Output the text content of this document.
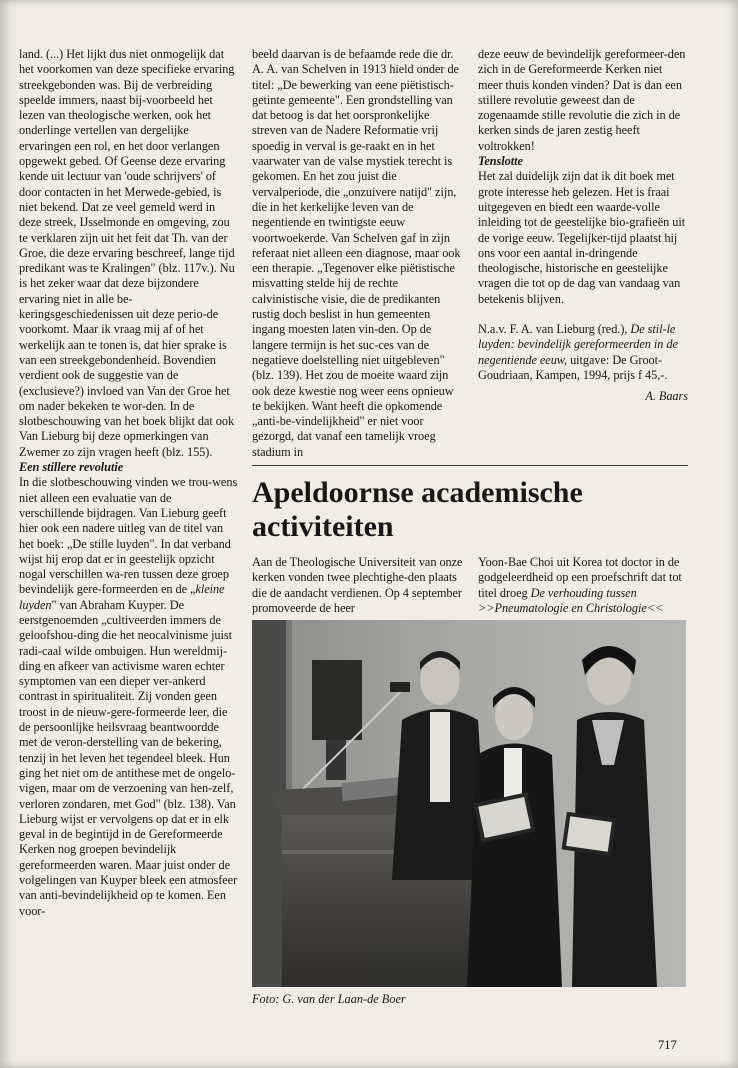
land. (...) Het lijkt dus niet onmogelijk dat het voorkomen van deze specifieke ervaring streekgebonden was. Bij de verbreiding speelde immers, naast bij-voorbeeld het lezen van theologische werken, ook het onderlinge vertellen van dergelijke ervaringen een rol, en het door verlangen opgewekt gebed. Of Geense deze ervaring kende uit lectuur van 'oude schrijvers' of door contacten in het Merwede-gebied, is niet bekend. Dat ze veel gemeld werd in deze streek, IJsselmonde en omgeving, zou te verklaren zijn uit het feit dat Th. van der Groe, die deze ervaring beschreef, lange tijd predikant was te Kralingen" (blz. 117v.). Nu is het zeker waar dat deze bijzondere ervaring niet in alle be-keringsgeschiedenissen uit deze perio-de voorkomt. Maar ik vraag mij af of het werkelijk aan te tonen is, dat hier sprake is van een streekgebondenheid. Bovendien verdient ook de suggestie van de (exclusieve?) invloed van Van der Groe het om nader bekeken te wor-den. In de slotbeschouwing van het boek blijkt dat ook Van Lieburg bij deze opmerkingen van Zwemer zo zijn vragen heeft (blz. 155).

Een stillere revolutie

In die slotbeschouwing vinden we trou-wens niet alleen een evaluatie van de verschillende bijdragen. Van Lieburg geeft hier ook een nadere uitleg van de titel van het boek: „De stille luyden". In dat verband wijst hij erop dat er in geestelijk opzicht nogal verschillen wa-ren tussen deze groep bevindelijk gere-formeerden en de „kleine luyden" van Abraham Kuyper. De eerstgenoemden „cultiveerden immers de geloofshou-ding die het neocalvinisme juist radi-caal wilde ombuigen. Hun wereldmij-ding en afkeer van activisme waren echter symptomen van een dieper ver-ankerd contrast in spiritualiteit. Zij vonden geen troost in de nieuw-gere-formeerde leer, die de persoonlijke heilsvraag beantwoordde met de veron-derstelling van de bekering, tenzij in het leven het tegendeel bleek. Hun ging het niet om de antithese met de ongelo-vigen, maar om de verzoening van hen-zelf, verloren zondaren, met God" (blz. 138). Van Lieburg wijst er vervolgens op dat er in elk geval in de begintijd in de Gereformeerde Kerken nog groepen bevindelijk gereformeerden waren. Maar juist onder de volgelingen van Kuyper bleek een atmosfeer van anti-bevindelijkheid op te komen. Een voor-

beeld daarvan is de befaamde rede die dr. A. A. van Schelven in 1913 hield onder de titel: „De bewerking van eene piëtistisch-getinte gemeente". Een grondstelling van dat betoog is dat het oorspronkelijke streven van de Nadere Reformatie vrij spoedig in verval is ge-raakt en in het vaarwater van de valse mystiek terecht is gekomen. En het zou juist die vervalperiode, die „onzuivere natijd" zijn, die in het kerkelijke leven van de negentiende en twintigste eeuw voortwoekerde. Van Schelven gaf in zijn referaat niet alleen een diagnose, maar ook een therapie. „Tegenover elke piëtistische misvatting stelde hij de rechte calvinistische visie, die de predikanten rustig doch beslist in hun gemeenten ingang moesten laten vin-den. Op de langere termijn is het suc-ces van de negatieve doelstelling niet uitgebleven" (blz. 139). Het zou de moeite waard zijn ook deze kwestie nog weer eens opnieuw te bekijken. Want heeft die opkomende „anti-be-vindelijkheid" er niet voor gezorgd, dat vanaf een tamelijk vroeg stadium in

deze eeuw de bevindelijk gereformeer-den zich in de Gereformeerde Kerken niet meer thuis konden vinden? Dat is dan een stillere revolutie geweest dan de zogenaamde stille revolutie die zich in de kerken sinds de jaren zestig heeft voltrokken!

Tenslotte

Het zal duidelijk zijn dat ik dit boek met grote interesse heb gelezen. Het is fraai uitgegeven en biedt een waarde-volle inleiding tot de geestelijke bio-grafieën uit de vorige eeuw. Tegelijker-tijd plaatst hij ons voor een aantal in-dringende theologische, historische en geestelijke vragen die tot op de dag van vandaag van betekenis blijven.

N.a.v. F. A. van Lieburg (red.), De stil-le luyden: bevindelijk gereformeerden in de negentiende eeuw, uitgave: De Groot-Goudriaan, Kampen, 1994, prijs f 45,-.

A. Baars

Apeldoornse academische activiteiten

Aan de Theologische Universiteit van onze kerken vonden twee plechtighe-den plaats die de aandacht verdienen. Op 4 september promoveerde de heer

Yoon-Bae Choi uit Korea tot doctor in de godgeleerdheid op een proefschrift dat tot titel droeg De verhouding tussen >>Pneumatologie en Christologie<<

Foto: G. van der Laan-de Boer
717
